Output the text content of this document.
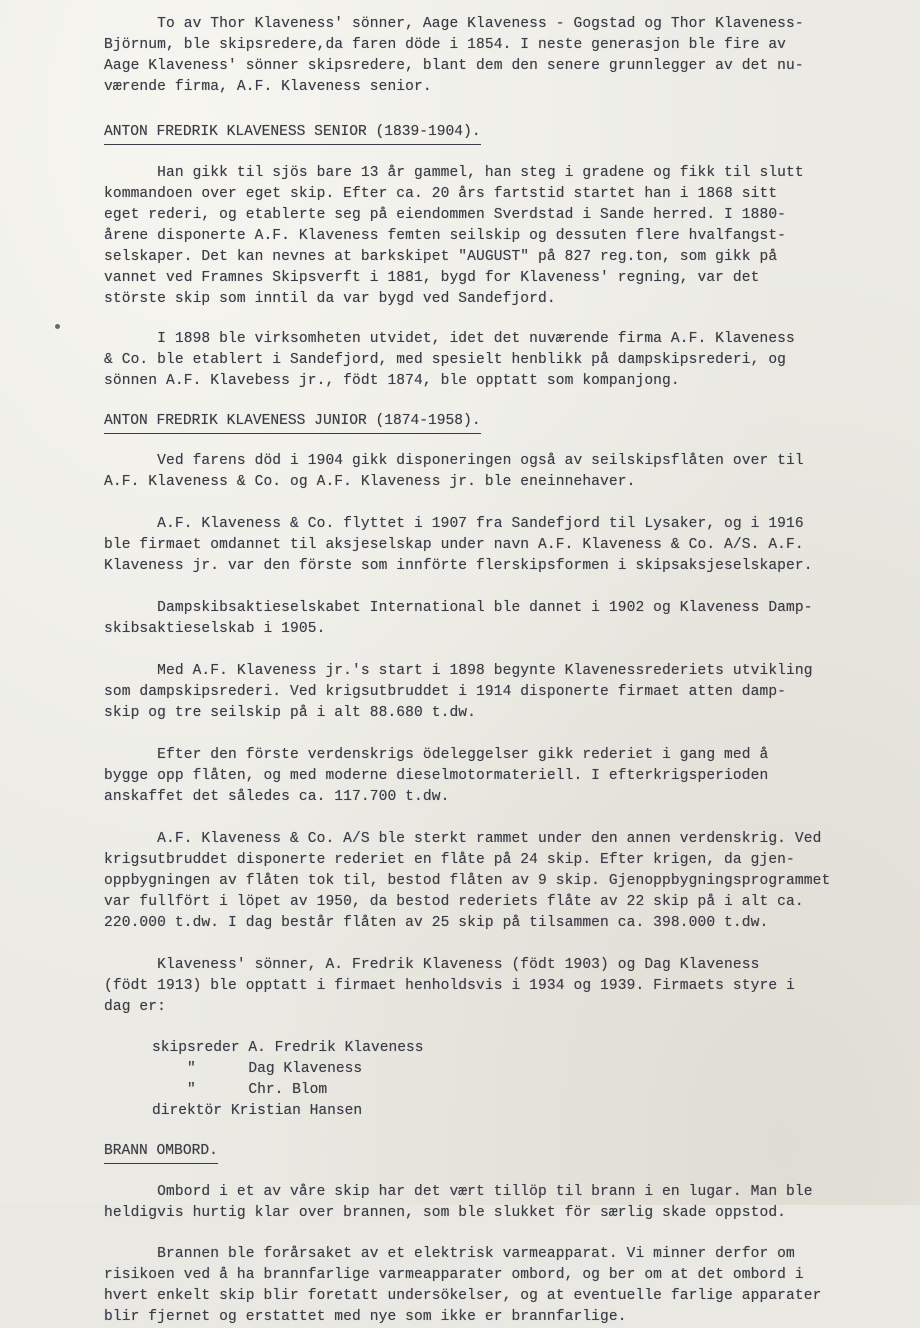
To av Thor Klaveness' sönner, Aage Klaveness - Gogstad og Thor Klaveness-
Björnum, ble skipsredere,da faren döde i 1854. I neste generasjon ble fire av
Aage Klaveness' sönner skipsredere, blant dem den senere grunnlegger av det nu-
værende firma, A.F. Klaveness senior.

ANTON FREDRIK KLAVENESS SENIOR (1839-1904).

Han gikk til sjös bare 13 år gammel, han steg i gradene og fikk til slutt
kommandoen over eget skip. Efter ca. 20 års fartstid startet han i 1868 sitt
eget rederi, og etablerte seg på eiendommen Sverdstad i Sande herred. I 1880-
årene disponerte A.F. Klaveness femten seilskip og dessuten flere hvalfangst-
selskaper. Det kan nevnes at barkskipet "AUGUST" på 827 reg.ton, som gikk på
vannet ved Framnes Skipsverft i 1881, bygd for Klaveness' regning, var det
störste skip som inntil da var bygd ved Sandefjord.

I 1898 ble virksomheten utvidet, idet det nuværende firma A.F. Klaveness
& Co. ble etablert i Sandefjord, med spesielt henblikk på dampskipsrederi, og
sönnen A.F. Klavebess jr., födt 1874, ble opptatt som kompanjong.

ANTON FREDRIK KLAVENESS JUNIOR (1874-1958).

Ved farens död i 1904 gikk disponeringen også av seilskipsflåten over til
A.F. Klaveness & Co. og A.F. Klaveness jr. ble eneinnehaver.

A.F. Klaveness & Co. flyttet i 1907 fra Sandefjord til Lysaker, og i 1916
ble firmaet omdannet til aksjeselskap under navn A.F. Klaveness & Co. A/S. A.F.
Klaveness jr. var den förste som innförte flerskipsformen i skipsaksjeselskaper.

Dampskibsaktieselskabet International ble dannet i 1902 og Klaveness Damp-
skibsaktieselskab i 1905.

Med A.F. Klaveness jr.'s start i 1898 begynte Klavenessrederiets utvikling
som dampskipsrederi. Ved krigsutbruddet i 1914 disponerte firmaet atten damp-
skip og tre seilskip på i alt 88.680 t.dw.

Efter den förste verdenskrigs ödeleggelser gikk rederiet i gang med å
bygge opp flåten, og med moderne dieselmotormateriell. I efterkrigsperioden
anskaffet det således ca. 117.700 t.dw.

A.F. Klaveness & Co. A/S ble sterkt rammet under den annen verdenskrig. Ved
krigsutbruddet disponerte rederiet en flåte på 24 skip. Efter krigen, da gjen-
oppbygningen av flåten tok til, bestod flåten av 9 skip. Gjenoppbygningsprogrammet
var fullfört i löpet av 1950, da bestod rederiets flåte av 22 skip på i alt ca.
220.000 t.dw. I dag består flåten av 25 skip på tilsammen ca. 398.000 t.dw.

Klaveness' sönner, A. Fredrik Klaveness (födt 1903) og Dag Klaveness
(födt 1913) ble opptatt i firmaet henholdsvis i 1934 og 1939. Firmaets styre i
dag er:

skipsreder A. Fredrik Klaveness
"      Dag Klaveness
"      Chr. Blom
direktör Kristian Hansen

BRANN OMBORD.

Ombord i et av våre skip har det vært tillöp til brann i en lugar. Man ble
heldigvis hurtig klar over brannen, som ble slukket för særlig skade oppstod.

Brannen ble forårsaket av et elektrisk varmeapparat. Vi minner derfor om
risikoen ved å ha brannfarlige varmeapparater ombord, og ber om at det ombord i
hvert enkelt skip blir foretatt undersökelser, og at eventuelle farlige apparater
blir fjernet og erstattet med nye som ikke er brannfarlige.
